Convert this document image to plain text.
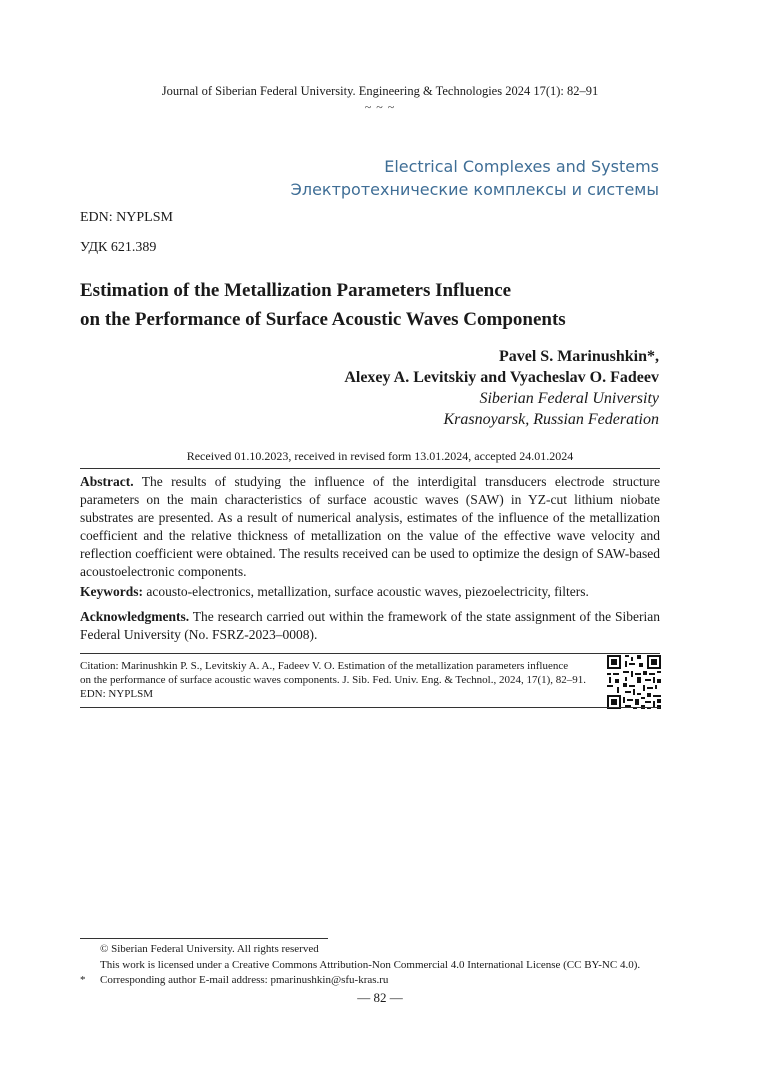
Journal of Siberian Federal University. Engineering & Technologies 2024 17(1): 82–91
~ ~ ~
Electrical Complexes and Systems
Электротехнические комплексы и системы
EDN: NYPLSM
УДК 621.389
Estimation of the Metallization Parameters Influence
on the Performance of Surface Acoustic Waves Components
Pavel S. Marinushkin*,
Alexey A. Levitskiy and Vyacheslav O. Fadeev
Siberian Federal University
Krasnoyarsk, Russian Federation
Received 01.10.2023, received in revised form 13.01.2024, accepted 24.01.2024
Abstract. The results of studying the influence of the interdigital transducers electrode structure parameters on the main characteristics of surface acoustic waves (SAW) in YZ-cut lithium niobate substrates are presented. As a result of numerical analysis, estimates of the influence of the metallization coefficient and the relative thickness of metallization on the value of the effective wave velocity and reflection coefficient were obtained. The results received can be used to optimize the design of SAW-based acoustoelectronic components.
Keywords: acousto-electronics, metallization, surface acoustic waves, piezoelectricity, filters.
Acknowledgments. The research carried out within the framework of the state assignment of the Siberian Federal University (No. FSRZ-2023–0008).
Citation: Marinushkin P. S., Levitskiy A. A., Fadeev V. O. Estimation of the metallization parameters influence
on the performance of surface acoustic waves components. J. Sib. Fed. Univ. Eng. & Technol., 2024, 17(1), 82–91.
EDN: NYPLSM
© Siberian Federal University. All rights reserved
This work is licensed under a Creative Commons Attribution-Non Commercial 4.0 International License (CC BY-NC 4.0).
*	Corresponding author E-mail address: pmarinushkin@sfu-kras.ru
— 82 —
